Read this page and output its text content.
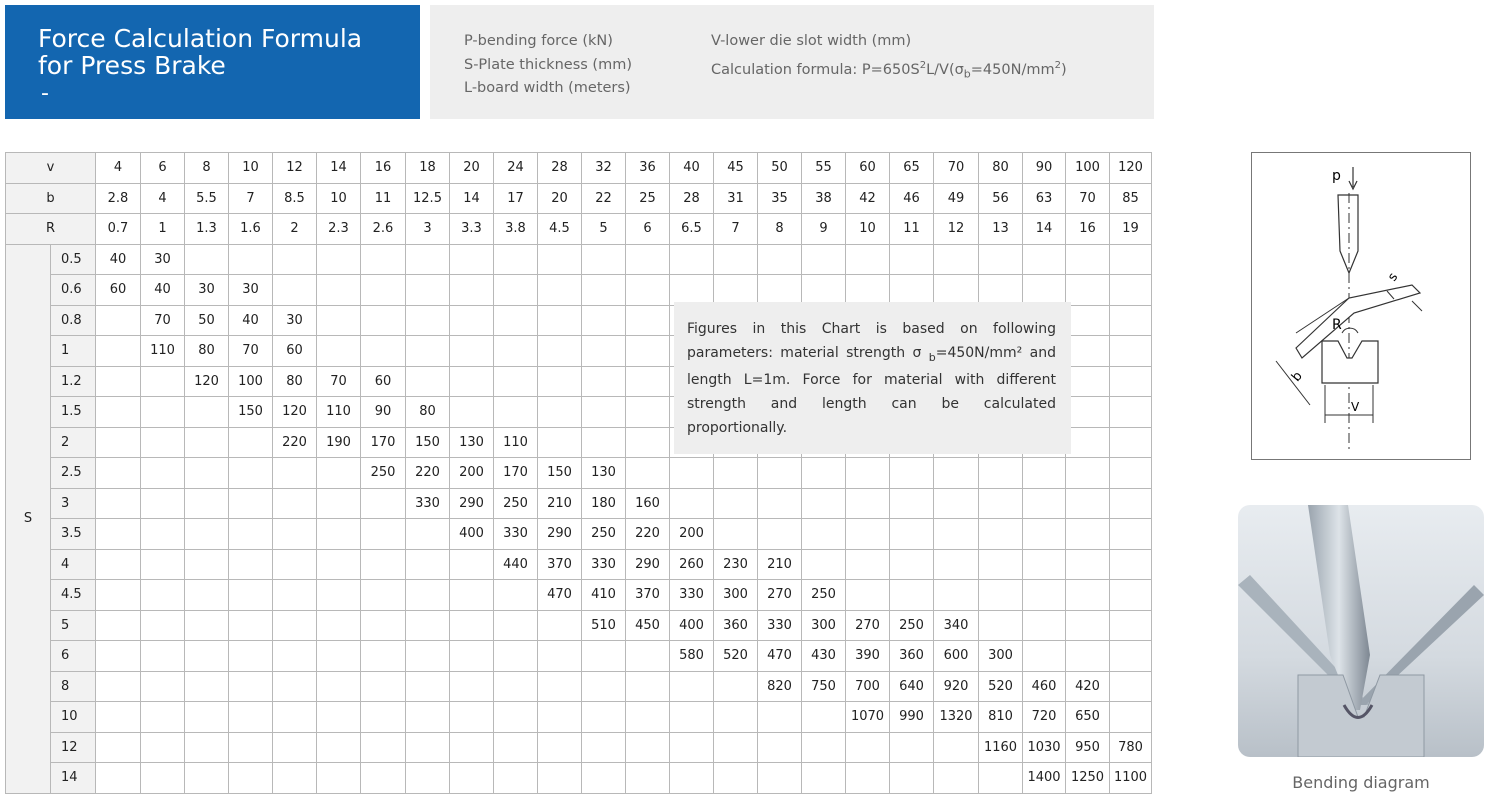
Force Calculation Formula
for Press Brake
-
P-bending force (kN)
S-Plate thickness (mm)
L-board width (meters)
V-lower die slot width (mm)
Calculation formula: $P=650S^2L/V(\sigma_b=450N/mm^2)$
v		4	6	8	10	12	14	16	18	20	24	28	32	36	40	45	50	55	60	65	70	80	90	100	120
b		2.8	4	5.5	7	8.5	10	11	12.5	14	17	20	22	25	28	31	35	38	42	46	49	56	63	70	85
R		0.7	1	1.3	1.6	2	2.3	2.6	3	3.3	3.8	4.5	5	6	6.5	7	8	9	10	11	12	13	14	16	19
S	0.5	40	30																						
	0.6	60	40	30	30																				
	0.8		70	50	40	30																			
	1		110	80	70	60																			
	1.2			120	100	80	70	60																	
	1.5				150	120	110	90	80																
	2					220	190	170	150	130	110														
	2.5							250	220	200	170	150	130												
	3								330	290	250	210	180	160											
	3.5									400	330	290	250	220	200										
	4										440	370	330	290	260	230	210								
	4.5											470	410	370	330	300	270	250							
	5												510	450	400	360	330	300	270	250	340				
	6														580	520	470	430	390	360	600	300			
	8																820	750	700	640	920	520	460	420	
	10																		1070	990	1320	810	720	650	
	12																					1160	1030	950	780
	14																						1400	1250	1100
Figures in this Chart is based on following parameters: material strength σ $_b$=450N/mm² and length L=1m. Force for material with different strength and length can be calculated proportionally.
p
R
s
b
V
Bending diagram
